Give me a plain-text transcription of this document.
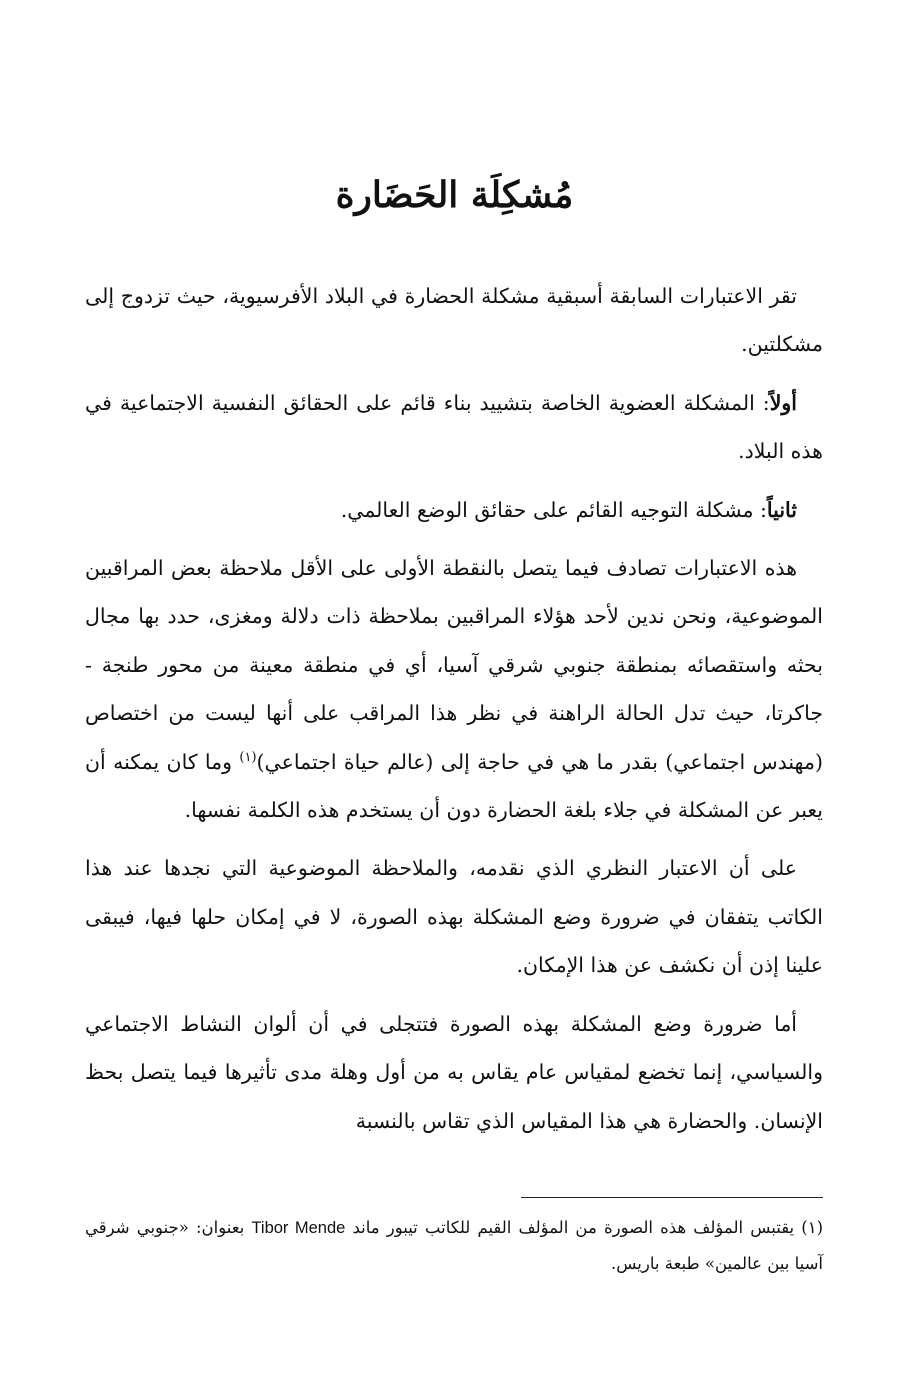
مُشكِلَة الحَضَارة

تقر الاعتبارات السابقة أسبقية مشكلة الحضارة في البلاد الأفرسيوية، حيث تزدوج إلى مشكلتين.

أولاً: المشكلة العضوية الخاصة بتشييد بناء قائم على الحقائق النفسية الاجتماعية في هذه البلاد.

ثانياً: مشكلة التوجيه القائم على حقائق الوضع العالمي.

هذه الاعتبارات تصادف فيما يتصل بالنقطة الأولى على الأقل ملاحظة بعض المراقبين الموضوعية، ونحن ندين لأحد هؤلاء المراقبين بملاحظة ذات دلالة ومغزى، حدد بها مجال بحثه واستقصائه بمنطقة جنوبي شرقي آسيا، أي في منطقة معينة من محور طنجة - جاكرتا، حيث تدل الحالة الراهنة في نظر هذا المراقب على أنها ليست من اختصاص (مهندس اجتماعي) بقدر ما هي في حاجة إلى (عالم حياة اجتماعي)$^{(١)}$ وما كان يمكنه أن يعبر عن المشكلة في جلاء بلغة الحضارة دون أن يستخدم هذه الكلمة نفسها.

على أن الاعتبار النظري الذي نقدمه، والملاحظة الموضوعية التي نجدها عند هذا الكاتب يتفقان في ضرورة وضع المشكلة بهذه الصورة، لا في إمكان حلها فيها، فيبقى علينا إذن أن نكشف عن هذا الإمكان.

أما ضرورة وضع المشكلة بهذه الصورة فتتجلى في أن ألوان النشاط الاجتماعي والسياسي، إنما تخضع لمقياس عام يقاس به من أول وهلة مدى تأثيرها فيما يتصل بحظ الإنسان. والحضارة هي هذا المقياس الذي تقاس بالنسبة

(١) يقتبس المؤلف هذه الصورة من المؤلف القيم للكاتب تيبور ماند Tibor Mende بعنوان: «جنوبي شرقي آسيا بين عالمين» طبعة باريس.
